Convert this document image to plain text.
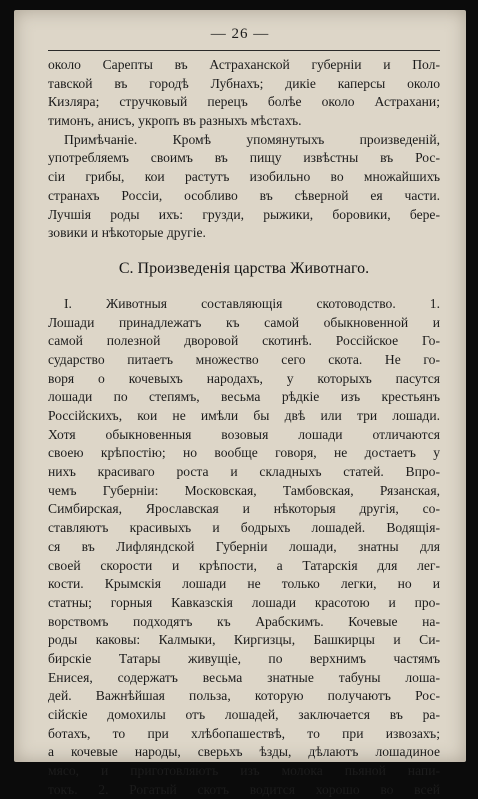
— 26 —
около Сарепты въ Астраханской губерніи и Пол-
тавской въ городѣ Лубнахъ; дикіе каперсы около
Кизляра; стручковый перецъ болѣе около Астрахани;
тимонъ, анисъ, укропъ въ разныхъ мѣстахъ.
Примѣчаніе. Кромѣ упомянутыхъ произведеній,
употребляемъ своимъ въ пищу извѣстны въ Рос-
сіи грибы, кои растутъ изобильно во множайшихъ
странахъ Россіи, особливо въ сѣверной ея части.
Лучшія роды ихъ: грузди, рыжики, боровики, бере-
зовики и нѣкоторые другіе.
С. Произведенія царства Животнаго.
I. Животныя составляющія скотоводство. 1.
Лошади принадлежатъ къ самой обыкновенной и
самой полезной дворовой скотинѣ. Россійское Го-
сударство питаетъ множество сего скота. Не го-
воря о кочевыхъ народахъ, у которыхъ пасутся
лошади по степямъ, весьма рѣдкіе изъ крестьянъ
Россійскихъ, кои не имѣли бы двѣ или три лошади.
Хотя обыкновенныя возовыя лошади отличаются
своею крѣпостію; но вообще говоря, не достаетъ у
нихъ красиваго роста и складныхъ статей. Впро-
чемъ Губерніи: Московская, Тамбовская, Рязанская,
Симбирская, Ярославская и нѣкоторыя другія, со-
ставляютъ красивыхъ и бодрыхъ лошадей. Водящія-
ся въ Лифляндской Губерніи лошади, знатны для
своей скорости и крѣпости, а Татарскія для лег-
кости. Крымскія лошади не только легки, но и
статны; горныя Кавказскія лошади красотою и про-
ворствомъ подходятъ къ Арабскимъ. Кочевые на-
роды каковы: Калмыки, Киргизцы, Башкирцы и Си-
бирскіе Татары живущіе, по верхнимъ частямъ
Енисея, содержатъ весьма знатные табуны лоша-
дей. Важнѣйшая польза, которую получаютъ Рос-
сійскіе домохилы отъ лошадей, заключается въ ра-
ботахъ, то при хлѣбопашествѣ, то при извозахъ;
а кочевые народы, сверьхъ ѣзды, дѣлаютъ лошадиное
мясо, и приготовляютъ изъ молока пьяной напи-
токъ. 2. Рогатый скотъ водится хорошо во всей
